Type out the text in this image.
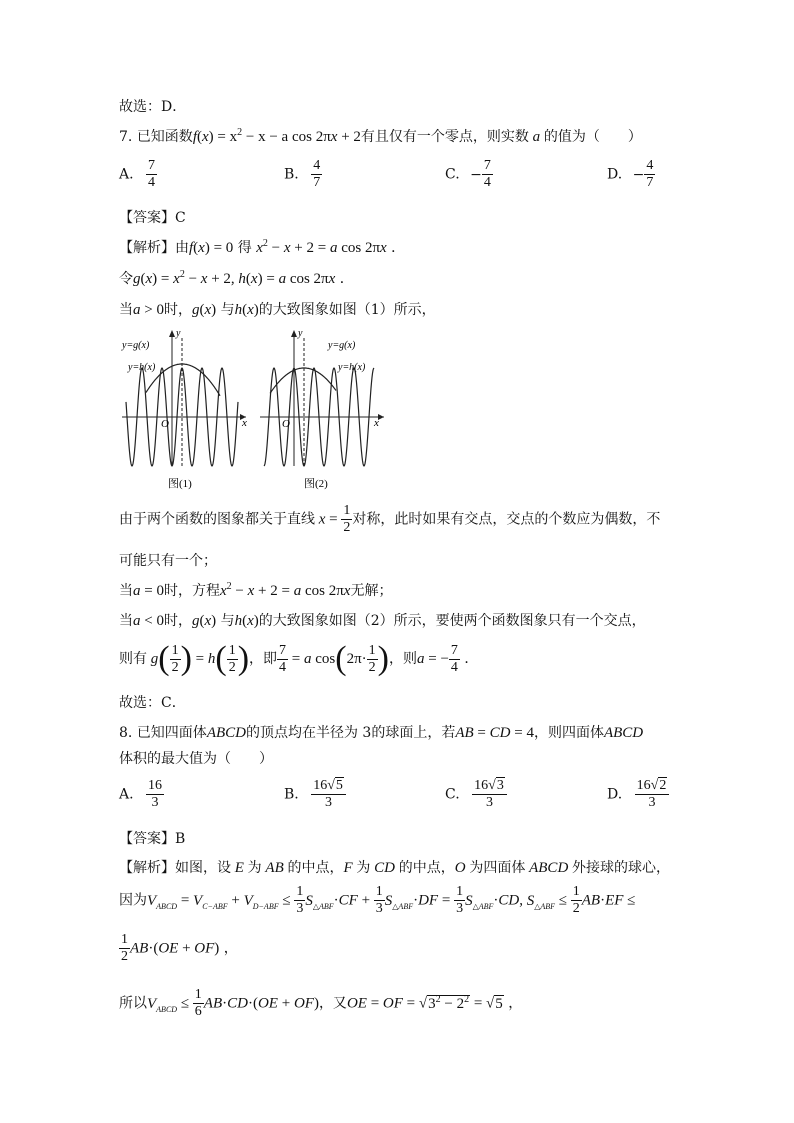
故选：D．
7. 已知函数$f(x) = x^2 - x - a$ cos 2πx + 2有且仅有一个零点，则实数 a 的值为（　　）
A. $\frac{7}{4}$	B. $\frac{4}{7}$	C. − $\frac{7}{4}$	D. − $\frac{4}{7}$
【答案】C
【解析】由f(x) = 0 得 $x^2 - x + 2 = a$ cos 2πx ．
令$g(x) = x^2 - x + 2$, h(x) = a cos 2πx ．
当a > 0时，g(x) 与h(x)的大致图象如图（1）所示，
y=g(x)
y=h(x)
x
y
O
图(1)
y=g(x)
y=h(x)
x
y
O
图(2)
由于两个函数的图象都关于直线 $x = \frac{1}{2}$ 对称，此时如果有交点，交点的个数应为偶数，不
可能只有一个；
当a = 0时，方程$x^2 - x + 2 = a$ cos 2πx无解；
当a < 0时，g(x) 与h(x)的大致图象如图（2）所示，要使两个函数图象只有一个交点，
则有 $g( \frac{1}{2}$ ) = $h( \frac{1}{2}$ )，即 $\frac{7}{4} = a$ $\cos(2\pi\cdot \frac{1}{2}$ )，则a = − $\frac{7}{4}$ ．
故选：C．
8. 已知四面体ABCD的顶点均在半径为 3的球面上，若AB = CD = 4，则四面体ABCD
体积的最大值为（　　）
A. $\frac{16}{3}$	B. $\frac{16√5}{3}$	C. $\frac{16√3}{3}$	D. $\frac{16√2}{3}$
【答案】B
【解析】如图，设 E 为 AB 的中点，F 为 CD 的中点，O 为四面体 ABCD 外接球的球心，
因为$V_{ABCD} = V_{C-ABF} + V_{D-ABF} \le \frac{1}{3} S_{\triangle ABF}\cdot CF + \frac{1}{3} S_{\triangle ABF}\cdot DF = \frac{1}{3} S_{\triangle ABF}\cdot CD$, $S_{\triangle ABF} \le \frac{1}{2} AB\cdot EF$ ≤
$\frac{1}{2} AB\cdot(OE + OF)$ ，
所以$V_{ABCD} \le \frac{1}{6} AB\cdot CD\cdot(OE + OF)$，又OE = OF = $√3^2 - 2^2 = √5$ ，
